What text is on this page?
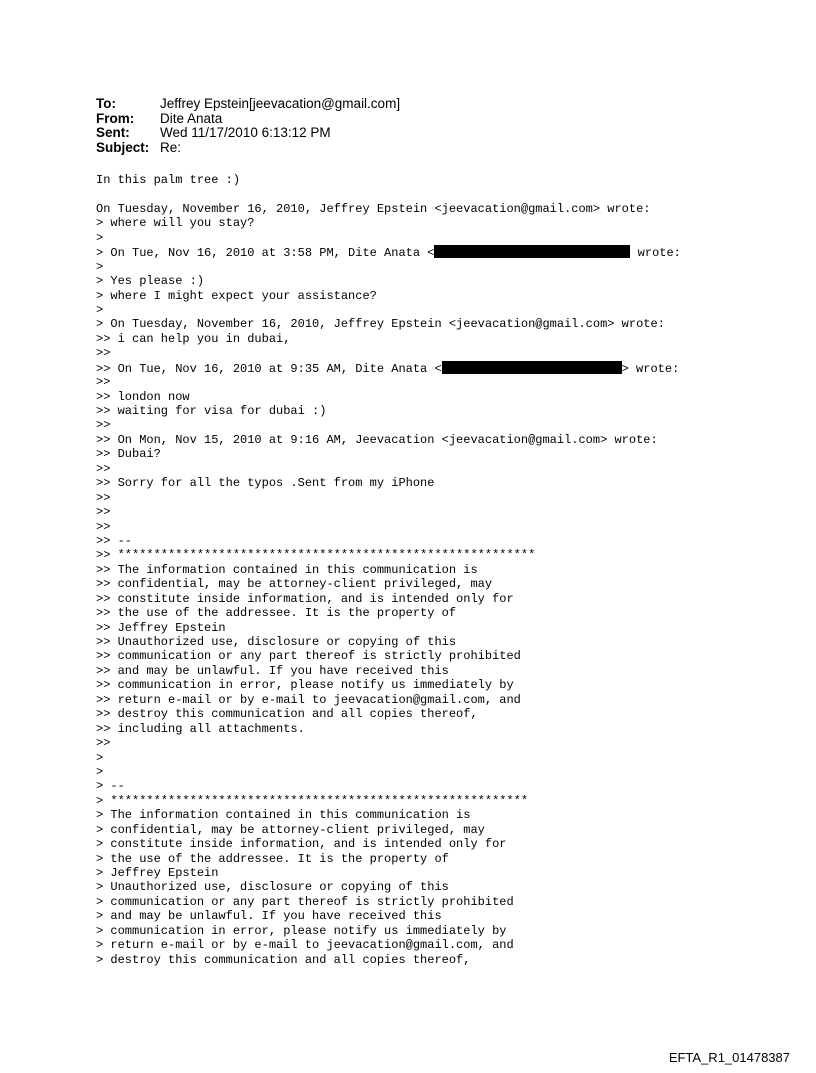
To:	Jeffrey Epstein[jeevacation@gmail.com]
From:	Dite Anata
Sent:	Wed 11/17/2010 6:13:12 PM
Subject: Re:
In this palm tree :)
On Tuesday, November 16, 2010, Jeffrey Epstein <jeevacation@gmail.com> wrote:
> where will you stay?
>
> On Tue, Nov 16, 2010 at 3:58 PM, Dite Anata <	wrote:
>
> Yes please :)
> where I might expect your assistance?
>
> On Tuesday, November 16, 2010, Jeffrey Epstein <jeevacation@gmail.com> wrote:
>> i can help you in dubai,
>>
>> On Tue, Nov 16, 2010 at 9:35 AM, Dite Anata <	> wrote:
>>
>> london now
>> waiting for visa for dubai :)
>>
>> On Mon, Nov 15, 2010 at 9:16 AM, Jeevacation <jeevacation@gmail.com> wrote:
>> Dubai?
>>
>> Sorry for all the typos .Sent from my iPhone
>>
>>
>>
>> --
>> **********************************************************
>> The information contained in this communication is
>> confidential, may be attorney-client privileged, may
>> constitute inside information, and is intended only for
>> the use of the addressee. It is the property of
>> Jeffrey Epstein
>> Unauthorized use, disclosure or copying of this
>> communication or any part thereof is strictly prohibited
>> and may be unlawful. If you have received this
>> communication in error, please notify us immediately by
>> return e-mail or by e-mail to jeevacation@gmail.com, and
>> destroy this communication and all copies thereof,
>> including all attachments.
>>
>
>
> --
> **********************************************************
> The information contained in this communication is
> confidential, may be attorney-client privileged, may
> constitute inside information, and is intended only for
> the use of the addressee. It is the property of
> Jeffrey Epstein
> Unauthorized use, disclosure or copying of this
> communication or any part thereof is strictly prohibited
> and may be unlawful. If you have received this
> communication in error, please notify us immediately by
> return e-mail or by e-mail to jeevacation@gmail.com, and
> destroy this communication and all copies thereof,
EFTA_R1_01478387
